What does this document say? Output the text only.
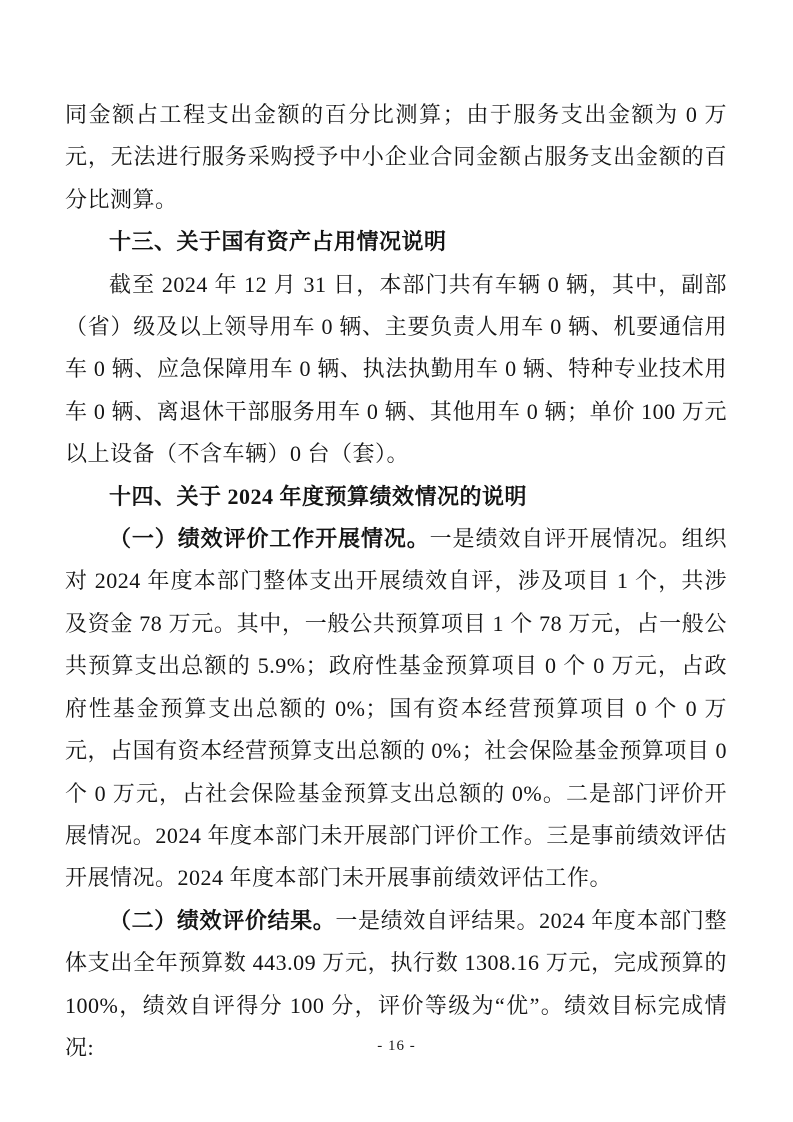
同金额占工程支出金额的百分比测算；由于服务支出金额为 0 万元，无法进行服务采购授予中小企业合同金额占服务支出金额的百分比测算。

十三、关于国有资产占用情况说明

截至 2024 年 12 月 31 日，本部门共有车辆 0 辆，其中，副部（省）级及以上领导用车 0 辆、主要负责人用车 0 辆、机要通信用车 0 辆、应急保障用车 0 辆、执法执勤用车 0 辆、特种专业技术用车 0 辆、离退休干部服务用车 0 辆、其他用车 0 辆；单价 100 万元以上设备（不含车辆）0 台（套）。

十四、关于 2024 年度预算绩效情况的说明

（一）绩效评价工作开展情况。一是绩效自评开展情况。组织对 2024 年度本部门整体支出开展绩效自评，涉及项目 1 个，共涉及资金 78 万元。其中，一般公共预算项目 1 个 78 万元，占一般公共预算支出总额的 5.9%；政府性基金预算项目 0 个 0 万元，占政府性基金预算支出总额的 0%；国有资本经营预算项目 0 个 0 万元，占国有资本经营预算支出总额的 0%；社会保险基金预算项目 0 个 0 万元，占社会保险基金预算支出总额的 0%。二是部门评价开展情况。2024 年度本部门未开展部门评价工作。三是事前绩效评估开展情况。2024 年度本部门未开展事前绩效评估工作。

（二）绩效评价结果。一是绩效自评结果。2024 年度本部门整体支出全年预算数 443.09 万元，执行数 1308.16 万元，完成预算的 100%，绩效自评得分 100 分，评价等级为“优”。绩效目标完成情况:	- 16 -
